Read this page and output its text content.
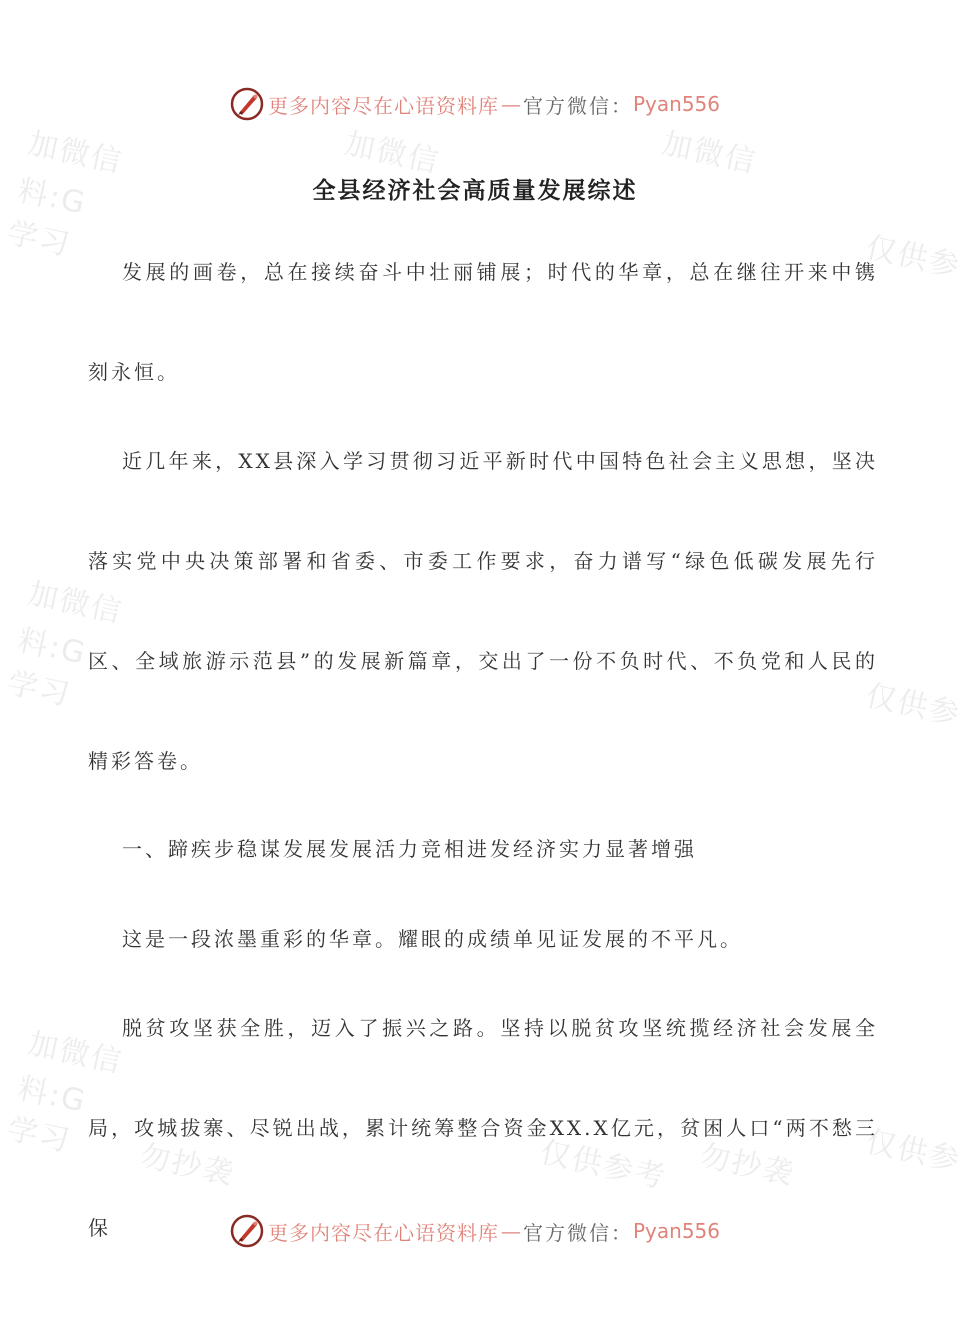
加微信	加微信	加微信
料:G
学习	仅供参
加微信
料:G
学习	仅供参
加微信
料:G
学习	仅供参
勿抄袭	仅供参考 勿抄袭
更多内容尽在心语资料库 — 官方微信： Pyan556
全县经济社会高质量发展综述

发展的画卷，总在接续奋斗中壮丽铺展；时代的华章，总在继往开来中镌刻永恒。

近几年来，XX县深入学习贯彻习近平新时代中国特色社会主义思想，坚决落实党中央决策部署和省委、市委工作要求，奋力谱写“绿色低碳发展先行区、全域旅游示范县”的发展新篇章，交出了一份不负时代、不负党和人民的精彩答卷。

一、蹄疾步稳谋发展发展活力竞相进发经济实力显著增强

这是一段浓墨重彩的华章。耀眼的成绩单见证发展的不平凡。

脱贫攻坚获全胜，迈入了振兴之路。坚持以脱贫攻坚统揽经济社会发展全局，攻城拔寨、尽锐出战，累计统筹整合资金XX.X亿元，贫困人口“两不愁三保	更多内容尽在心语资料库 — 官方微信： Pyan556
